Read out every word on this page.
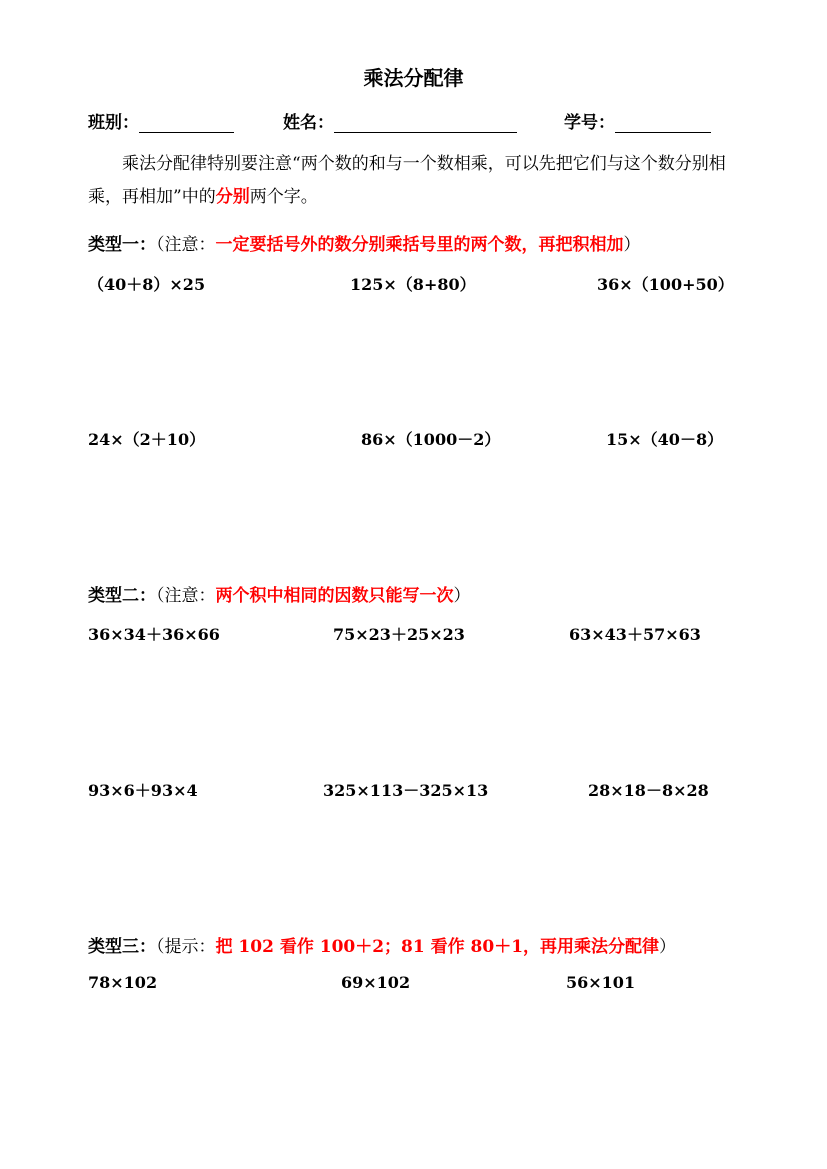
乘法分配律
班别：	姓名：	学号：
乘法分配律特别要注意“两个数的和与一个数相乘，可以先把它们与这个数分别相乘，再相加”中的分别两个字。
类型一：（注意：一定要括号外的数分别乘括号里的两个数，再把积相加）
（40＋8）×25	125×（8+80）	36×（100+50）
24×（2＋10）	86×（1000－2）	15×（40－8）
类型二：（注意：两个积中相同的因数只能写一次）
36×34＋36×66	75×23＋25×23	63×43＋57×63
93×6＋93×4	325×113－325×13	28×18－8×28
类型三：（提示：把 102 看作 100＋2；81 看作 80＋1，再用乘法分配律）
78×102	69×102	56×101
